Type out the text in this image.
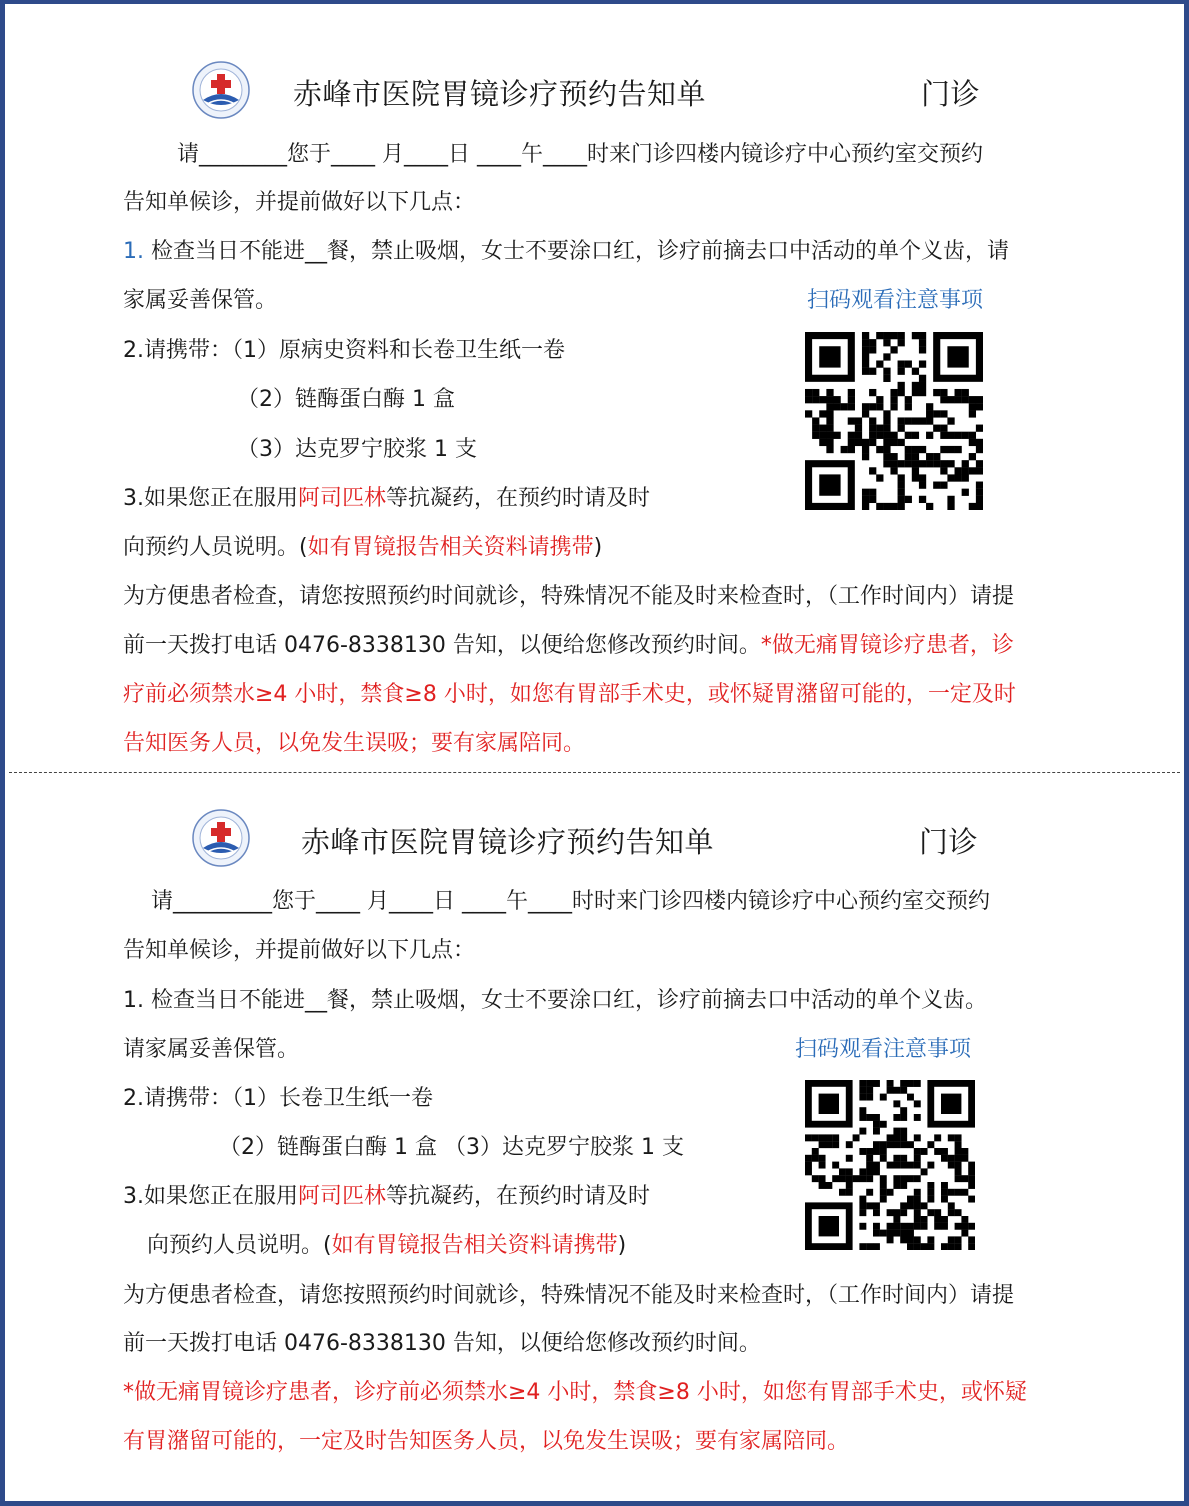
赤峰市医院胃镜诊疗预约告知单	门诊
请________您于____ 月____日 ____午____时来门诊四楼内镜诊疗中心预约室交预约
告知单候诊，并提前做好以下几点：
1. 检查当日不能进__餐，禁止吸烟，女士不要涂口红，诊疗前摘去口中活动的单个义齿，请
家属妥善保管。	扫码观看注意事项
2.请携带：（1）原病史资料和长卷卫生纸一卷
（2）链酶蛋白酶 1 盒
（3）达克罗宁胶浆 1 支
3.如果您正在服用阿司匹林等抗凝药，在预约时请及时
向预约人员说明。(如有胃镜报告相关资料请携带)
为方便患者检查，请您按照预约时间就诊，特殊情况不能及时来检查时，（工作时间内）请提
前一天拨打电话 0476-8338130 告知，以便给您修改预约时间。*做无痛胃镜诊疗患者，诊
疗前必须禁水≥4 小时，禁食≥8 小时，如您有胃部手术史，或怀疑胃潴留可能的，一定及时
告知医务人员，以免发生误吸；要有家属陪同。
赤峰市医院胃镜诊疗预约告知单	门诊
请_________您于____ 月____日 ____午____时时来门诊四楼内镜诊疗中心预约室交预约
告知单候诊，并提前做好以下几点：
1. 检查当日不能进__餐，禁止吸烟，女士不要涂口红，诊疗前摘去口中活动的单个义齿。
请家属妥善保管。	扫码观看注意事项
2.请携带：（1）长卷卫生纸一卷
（2）链酶蛋白酶 1 盒 （3）达克罗宁胶浆 1 支
3.如果您正在服用阿司匹林等抗凝药，在预约时请及时
向预约人员说明。(如有胃镜报告相关资料请携带)
为方便患者检查，请您按照预约时间就诊，特殊情况不能及时来检查时，（工作时间内）请提
前一天拨打电话 0476-8338130 告知，以便给您修改预约时间。
*做无痛胃镜诊疗患者，诊疗前必须禁水≥4 小时，禁食≥8 小时，如您有胃部手术史，或怀疑
有胃潴留可能的，一定及时告知医务人员，以免发生误吸；要有家属陪同。
